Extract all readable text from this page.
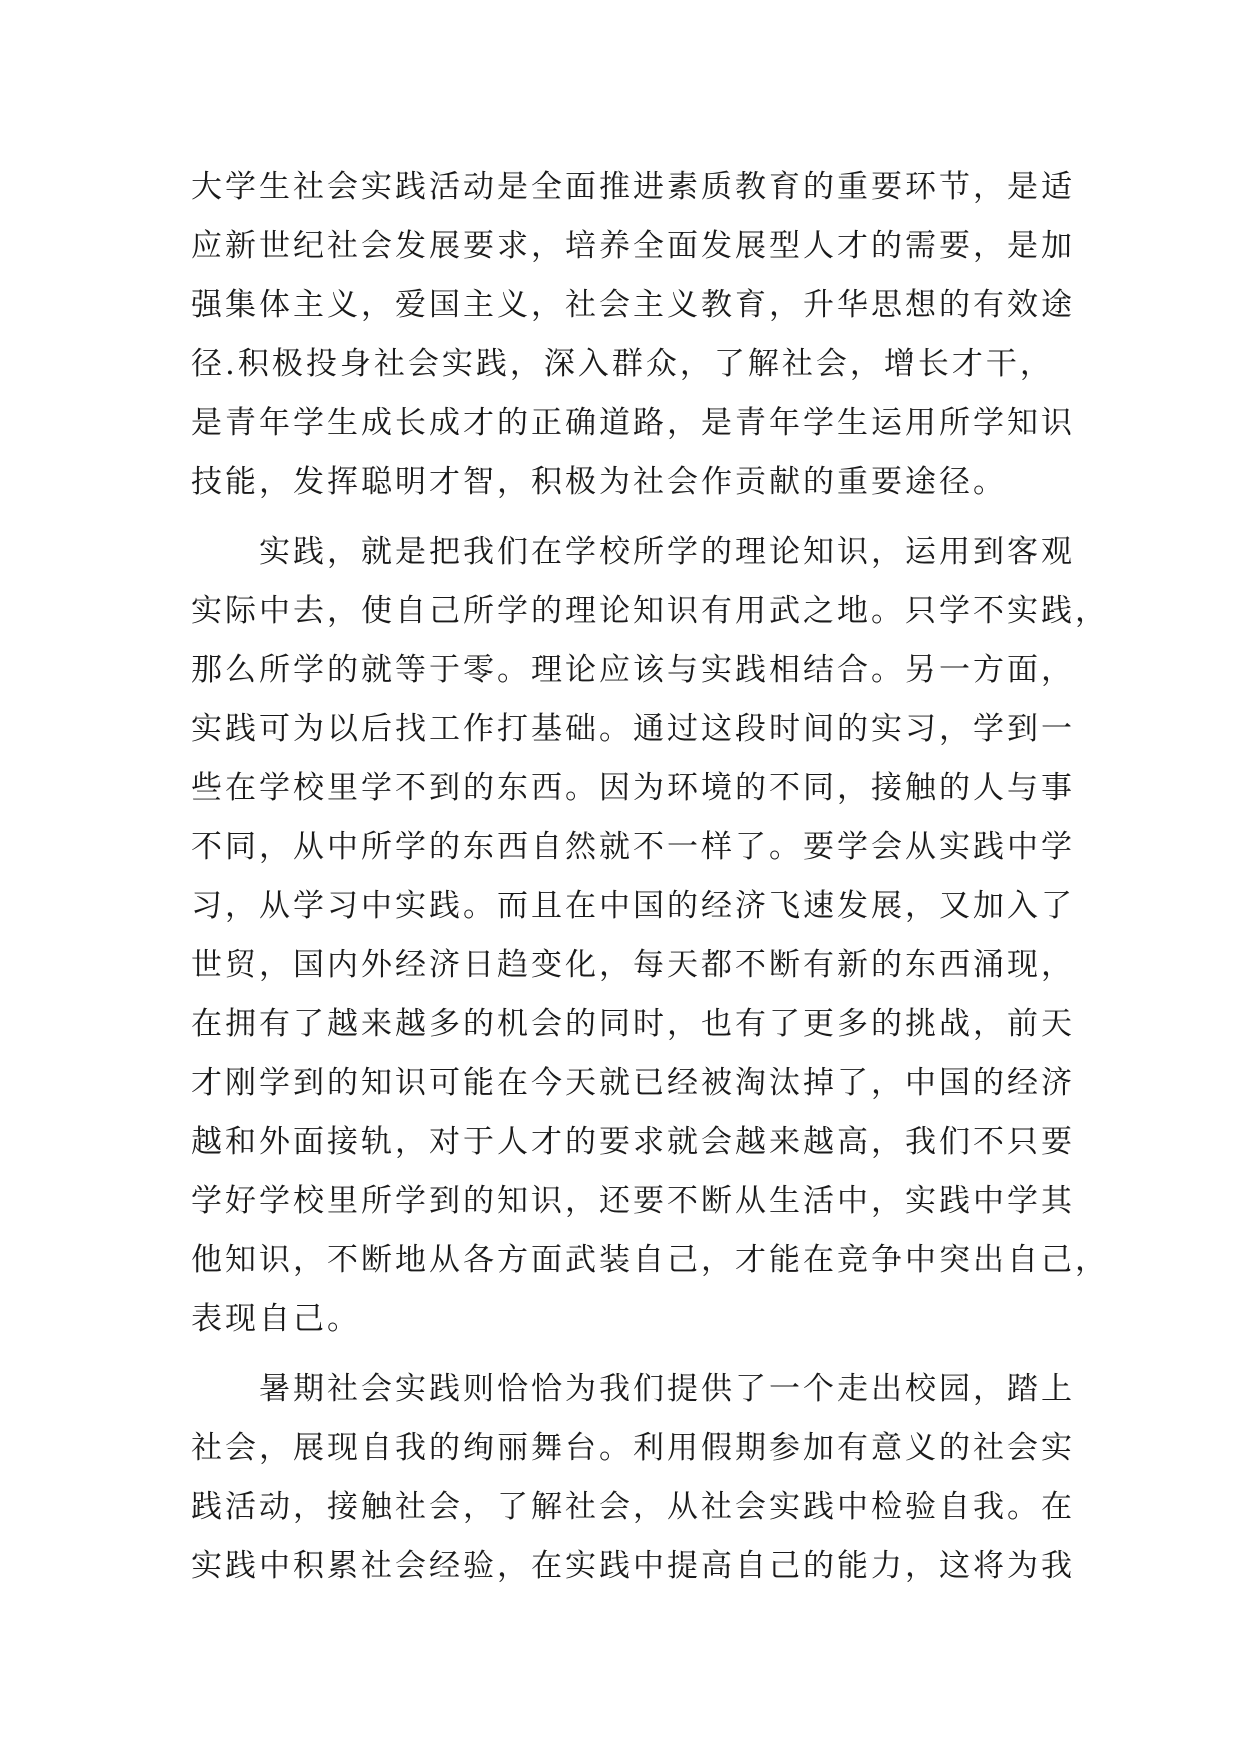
大学生社会实践活动是全面推进素质教育的重要环节，是适
应新世纪社会发展要求，培养全面发展型人才的需要，是加
强集体主义，爱国主义，社会主义教育，升华思想的有效途
径.积极投身社会实践，深入群众，了解社会，增长才干，
是青年学生成长成才的正确道路，是青年学生运用所学知识
技能，发挥聪明才智，积极为社会作贡献的重要途径。
实践，就是把我们在学校所学的理论知识，运用到客观
实际中去，使自己所学的理论知识有用武之地。只学不实践，
那么所学的就等于零。理论应该与实践相结合。另一方面，
实践可为以后找工作打基础。通过这段时间的实习，学到一
些在学校里学不到的东西。因为环境的不同，接触的人与事
不同，从中所学的东西自然就不一样了。要学会从实践中学
习，从学习中实践。而且在中国的经济飞速发展，又加入了
世贸，国内外经济日趋变化，每天都不断有新的东西涌现，
在拥有了越来越多的机会的同时，也有了更多的挑战，前天
才刚学到的知识可能在今天就已经被淘汰掉了，中国的经济
越和外面接轨，对于人才的要求就会越来越高，我们不只要
学好学校里所学到的知识，还要不断从生活中，实践中学其
他知识，不断地从各方面武装自己，才能在竞争中突出自己，
表现自己。
暑期社会实践则恰恰为我们提供了一个走出校园，踏上
社会，展现自我的绚丽舞台。利用假期参加有意义的社会实
践活动，接触社会，了解社会，从社会实践中检验自我。在
实践中积累社会经验，在实践中提高自己的能力，这将为我
